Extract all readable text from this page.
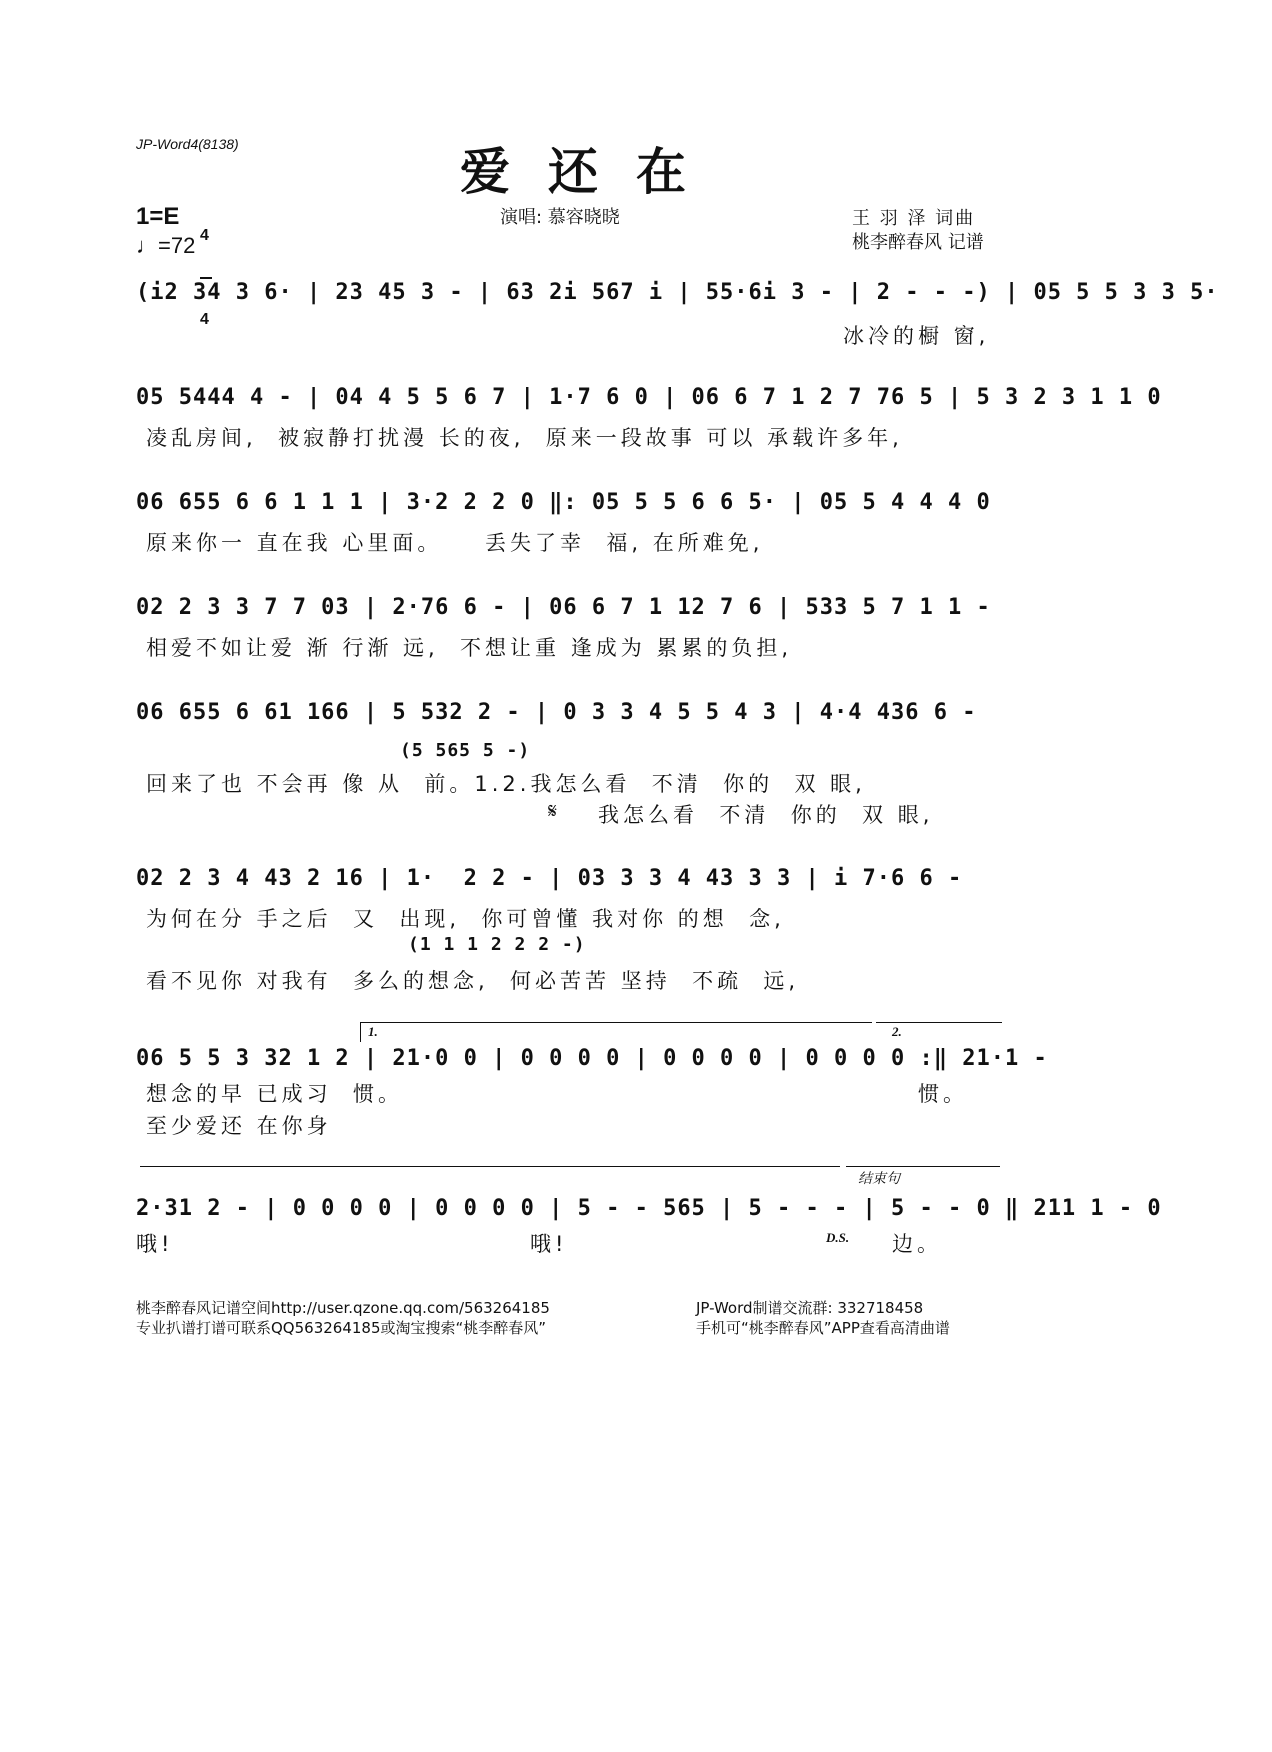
JP-Word4(8138)	爱还在
1=E

4

4

♩=72
演唱: 慕容晓晓	王 羽 泽 词曲
桃李醉春风 记谱
(i2 34 3 6· | 23 45 3 - | 63 2i 567 i | 55·6i 3 - | 2 - - -) | 05 5 5 3 3 5·
冰冷的橱 窗,
05 5444 4 - | 04 4 5 5 6 7 | 1·7 6 0 | 06 6 7 1 2 7 76 5 | 5 3 2 3 1 1 0
凌乱房间,  被寂静打扰漫 长的夜,  原来一段故事 可以 承载许多年,
06 655 6 6 1 1 1 | 3·2 2 2 0 ‖: 05 5 5 6 6 5· | 05 5 4 4 4 0
原来你一 直在我 心里面。    丢失了幸  福, 在所难免,
02 2 3 3 7 7 03 | 2·76 6 - | 06 6 7 1 12 7 6 | 533 5 7 1 1 -
相爱不如让爱 渐 行渐 远,  不想让重 逢成为 累累的负担,
06 655 6 61 166 | 5 532 2 - | 0 3 3 4 5 5 4 3 | 4·4 436 6 -
(5 565 5 -)
回来了也 不会再 像 从  前。1.2.我怎么看  不清  你的  双 眼,
𝄋 我怎么看  不清  你的  双 眼,
02 2 3 4 43 2 16 | 1·  2 2 - | 03 3 3 4 43 3 3 | i 7·6 6 -
(1 1 1 2 2 2 -)
为何在分 手之后  又  出现,  你可曾懂 我对你 的想  念,
看不见你 对我有  多么的想念,  何必苦苦 坚持  不疏  远,
1.	2.
06 5 5 3 32 1 2 | 21·0 0 | 0 0 0 0 | 0 0 0 0 | 0 0 0 0 :‖ 21·1 -
想念的早 已成习  惯。	惯。
至少爱还 在你身
结束句
2·31 2 - | 0 0 0 0 | 0 0 0 0 | 5 - - 565 | 5 - - - | 5 - - 0 ‖ 211 1 - 0
哦!	哦!	D.S. 边。
桃李醉春风记谱空间http://user.qzone.qq.com/563264185
专业扒谱打谱可联系QQ563264185或淘宝搜索“桃李醉春风”
JP-Word制谱交流群: 332718458
手机可“桃李醉春风”APP查看高清曲谱
